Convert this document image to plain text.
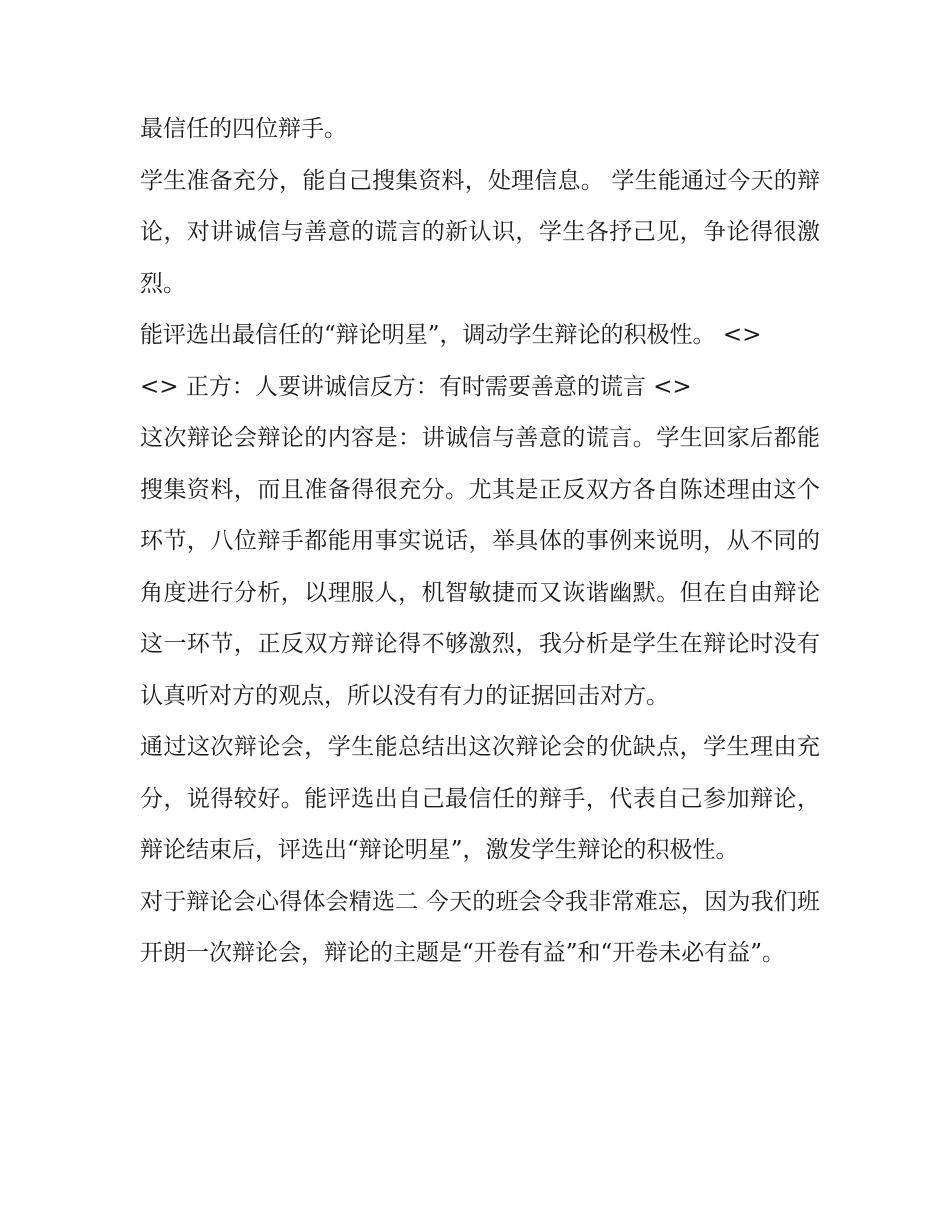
最信任的四位辩手。

学生准备充分，能自己搜集资料，处理信息。 学生能通过今天的辩论，对讲诚信与善意的谎言的新认识，学生各抒己见，争论得很激烈。

能评选出最信任的“辩论明星”，调动学生辩论的积极性。 <>

<> 正方：人要讲诚信反方：有时需要善意的谎言 <>

这次辩论会辩论的内容是：讲诚信与善意的谎言。学生回家后都能搜集资料，而且准备得很充分。尤其是正反双方各自陈述理由这个环节，八位辩手都能用事实说话，举具体的事例来说明，从不同的角度进行分析，以理服人，机智敏捷而又诙谐幽默。但在自由辩论这一环节，正反双方辩论得不够激烈，我分析是学生在辩论时没有认真听对方的观点，所以没有有力的证据回击对方。

通过这次辩论会，学生能总结出这次辩论会的优缺点，学生理由充分，说得较好。能评选出自己最信任的辩手，代表自己参加辩论，辩论结束后，评选出“辩论明星”，激发学生辩论的积极性。

对于辩论会心得体会精选二 今天的班会令我非常难忘，因为我们班开朗一次辩论会，辩论的主题是“开卷有益”和“开卷未必有益”。
